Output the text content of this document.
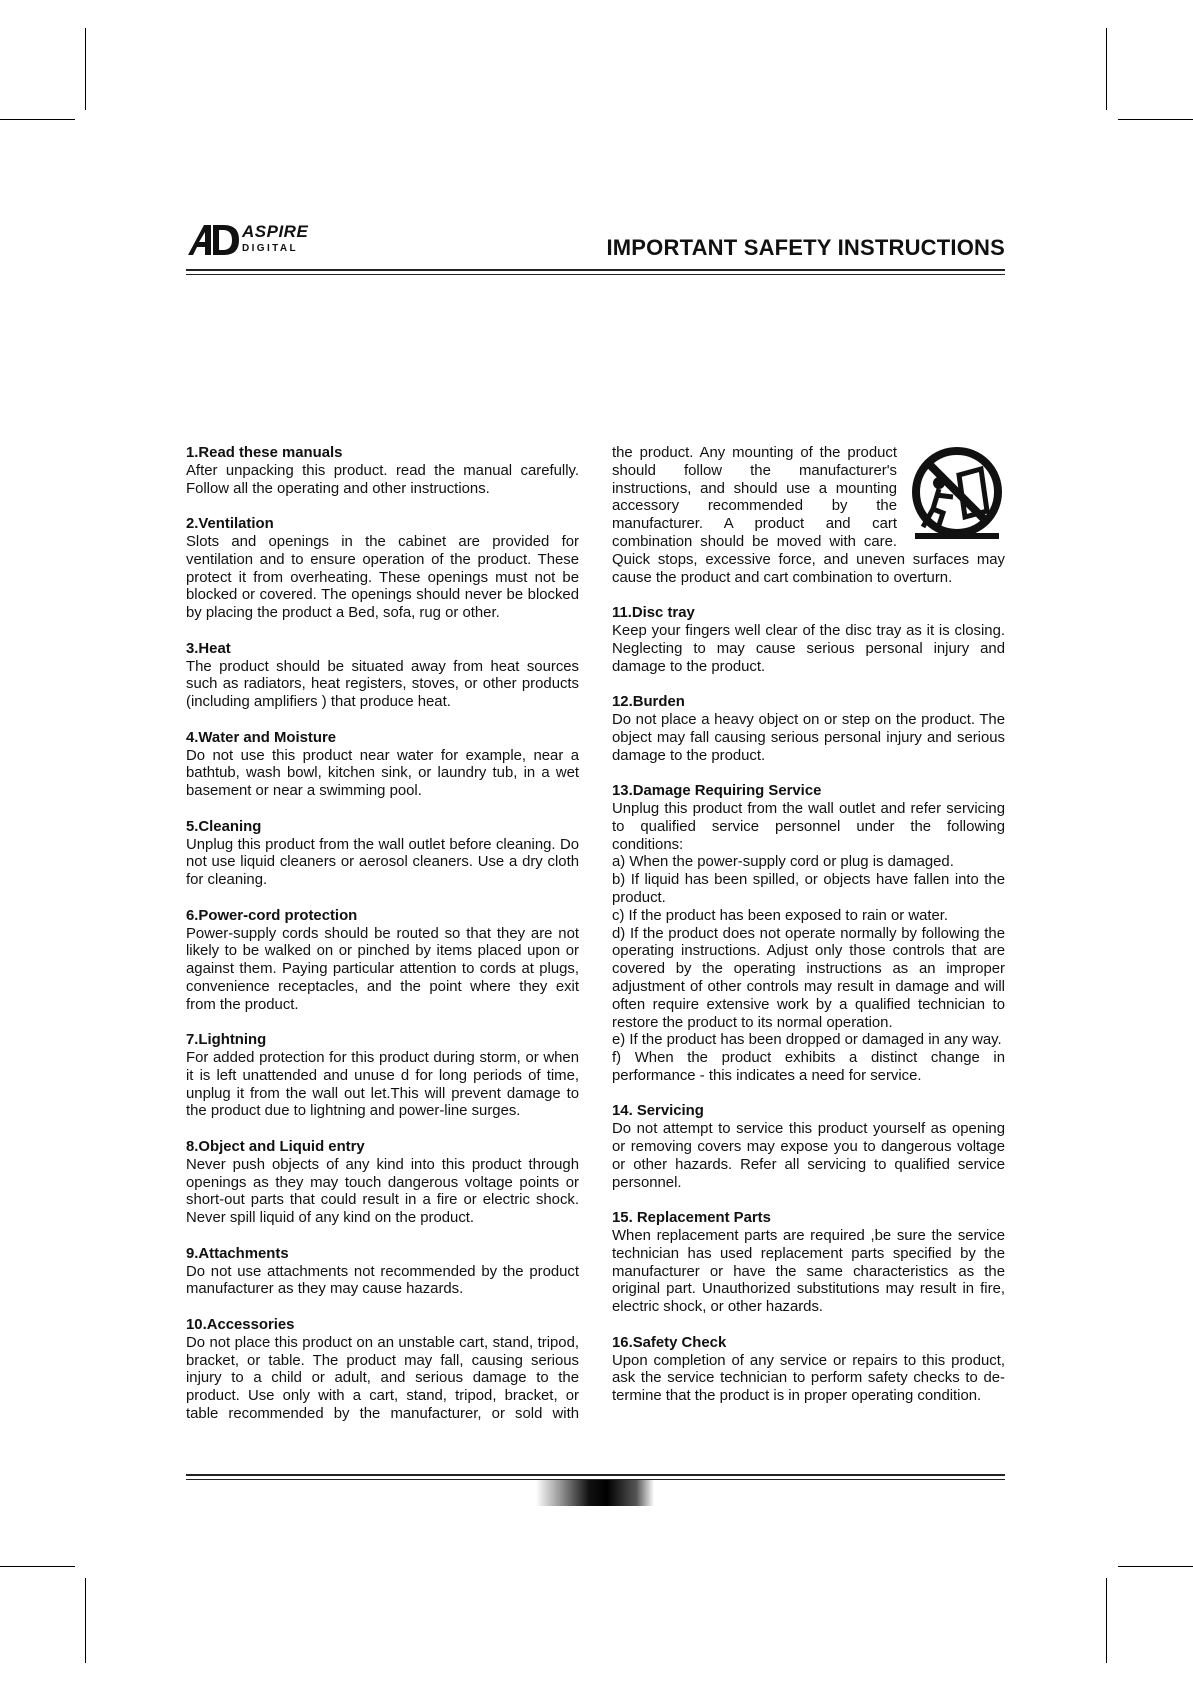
ASPIRE
DIGITAL	IMPORTANT SAFETY INSTRUCTIONS
1.Read these manuals

After unpacking this product. read the manual carefully. Follow all the operating and other instructions.

2.Ventilation

Slots and openings in the cabinet are provided for ventilation and to ensure operation of the product. These protect it from overheating. These openings must not be blocked or covered. The openings should never be blocked by placing the product a Bed, sofa, rug or other.

3.Heat

The product should be situated away from heat sources such as radiators, heat registers, stoves, or other products (including amplifiers ) that produce heat.

4.Water and Moisture

Do not use this product near water for example, near a bathtub, wash bowl, kitchen sink, or laundry tub, in a wet basement or near a swimming pool.

5.Cleaning

Unplug this product from the wall outlet before cleaning. Do not use liquid cleaners or aerosol cleaners. Use a dry cloth for cleaning.

6.Power-cord protection

Power-supply cords should be routed so that they are not likely to be walked on or pinched by items placed upon or against them. Paying particular attention to cords at plugs, convenience receptacles, and the point where they exit from the product.

7.Lightning

For added protection for this product during storm, or when it is left unattended and unuse d for long periods of time, unplug it from the wall out let.This will prevent damage to the product due to lightning and power-line surges.

8.Object and Liquid entry

Never push objects of any kind into this product through openings as they may touch dangerous voltage points or short-out parts that could result in a fire or electric shock. Never spill liquid of any kind on the product.

9.Attachments

Do not use attachments not recommended by the product manufacturer as they may cause hazards.

10.Accessories

Do not place this product on an unstable cart, stand, tripod, bracket, or table. The product may fall, causing serious injury to a child or adult, and serious damage to the product. Use only with a cart, stand, tripod, bracket, or table recommended by the manufacturer, or sold with

the product. Any mounting of the product should follow the manufacturer's instructions, and should use a mounting accessory recommended by the manufacturer. A product and cart combination should be moved with care. Quick stops, excessive force, and uneven surfaces may cause the product and cart combination to overturn.

11.Disc tray

Keep your fingers well clear of the disc tray as it is closing. Neglecting to may cause serious personal injury and damage to the product.

12.Burden

Do not place a heavy object on or step on the product. The object may fall causing serious personal injury and serious damage to the product.

13.Damage Requiring Service

Unplug this product from the wall outlet and refer servicing to qualified service personnel under the following conditions:

a) When the power-supply cord or plug is damaged.

b) If liquid has been spilled, or objects have fallen into the product.

c) If the product has been exposed to rain or water.

d) If the product does not operate normally by following the operating instructions. Adjust only those controls that are covered by the operating instructions as an improper adjustment of other controls may result in damage and will often require extensive work by a qualified technician to restore the product to its normal operation.

e) If the product has been dropped or damaged in any way.

f) When the product exhibits a distinct change in performance - this indicates a need for service.

14. Servicing

Do not attempt to service this product yourself as opening or removing covers may expose you to dangerous voltage or other hazards. Refer all servicing to qualified service personnel.

15. Replacement Parts

When replacement parts are required ,be sure the service technician has used replacement parts specified by the manufacturer or have the same characteristics as the original part. Unauthorized substitutions may result in fire, electric shock, or other hazards.

16.Safety Check

Upon completion of any service or repairs to this product, ask the service technician to perform safety checks to de-termine that the product is in proper operating condition.
